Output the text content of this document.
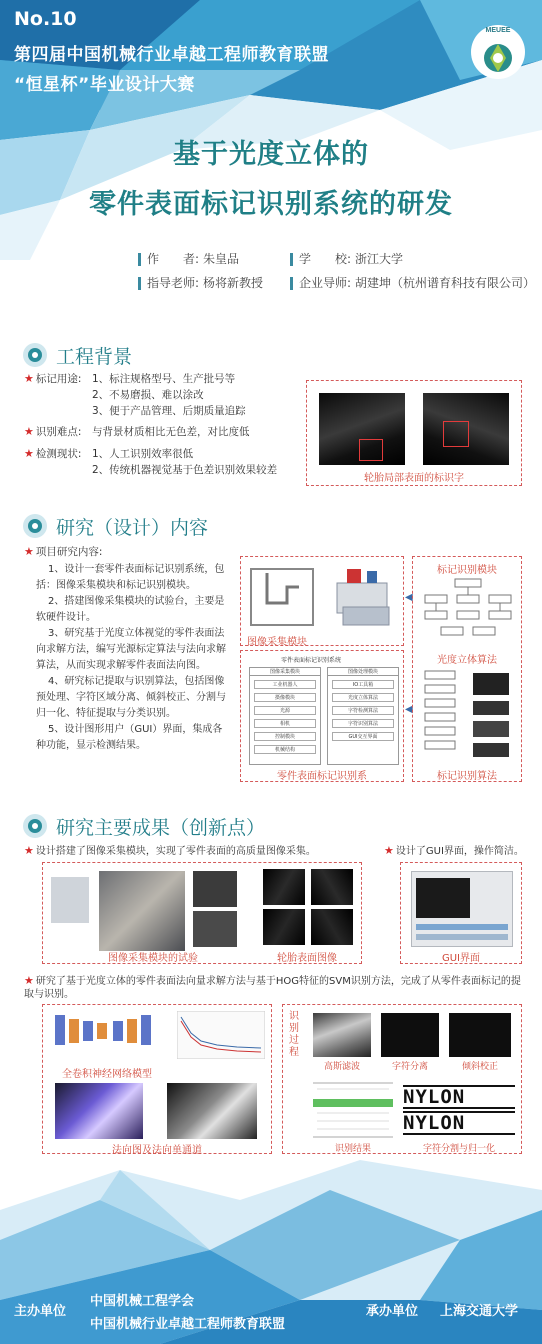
No.10
第四届中国机械行业卓越工程师教育联盟
“恒星杯”毕业设计大赛
MEUEE
基于光度立体的
零件表面标记识别系统的研发
作　　者: 朱皇品	学　　校: 浙江大学
指导老师: 杨将新教授	企业导师: 胡建坤（杭州谱育科技有限公司）
工程背景
★ 标记用途: 1、标注规格型号、生产批号等
2、不易磨损、难以涂改
3、便于产品管理、后期质量追踪
★ 识别难点: 与背景材质相比无色差，对比度低
★ 检测现状: 1、人工识别效率很低
2、传统机器视觉基于色差识别效果较差
轮胎局部表面的标识字
研究（设计）内容
★ 项目研究内容:
1、设计一套零件表面标记识别系统，包括：图像采集模块和标记识别模块。
2、搭建图像采集模块的试验台，主要是软硬件设计。
3、研究基于光度立体视觉的零件表面法向求解方法，编写光源标定算法与法向求解算法，从而实现求解零件表面法向图。
4、研究标记提取与识别算法，包括图像预处理、字符区域分离、倾斜校正、分割与归一化、特征提取与分类识别。
5、设计图形用户（GUI）界面，集成各种功能，显示检测结果。
图像采集模块
零件表面标记识别系统
图像采集模块
工业机器人
摄像模块
光源
相机
控制模块
机械结构
图像处理模块
IO工具箱
光度立体算法
字符检测算法
字符识别算法
GUI交互界面
零件表面标记识别系
◀
◀
标记识别模块
光度立体算法
标记识别算法
研究主要成果（创新点）
★ 设计搭建了图像采集模块，实现了零件表面的高质量图像采集。	★ 设计了GUI界面，操作简洁。
图像采集模块的试验	轮胎表面图像	GUI界面
★ 研究了基于光度立体的零件表面法向量求解方法与基于HOG特征的SVM识别方法，完成了从零件表面标记的提取与识别。
全卷积神经网络模型
法向图及法向单通道
识别过程
高斯滤波	字符分离	倾斜校正
NYLON
NYLON
识别结果	字符分割与归一化
主办单位
中国机械工程学会
中国机械行业卓越工程师教育联盟
承办单位 上海交通大学
